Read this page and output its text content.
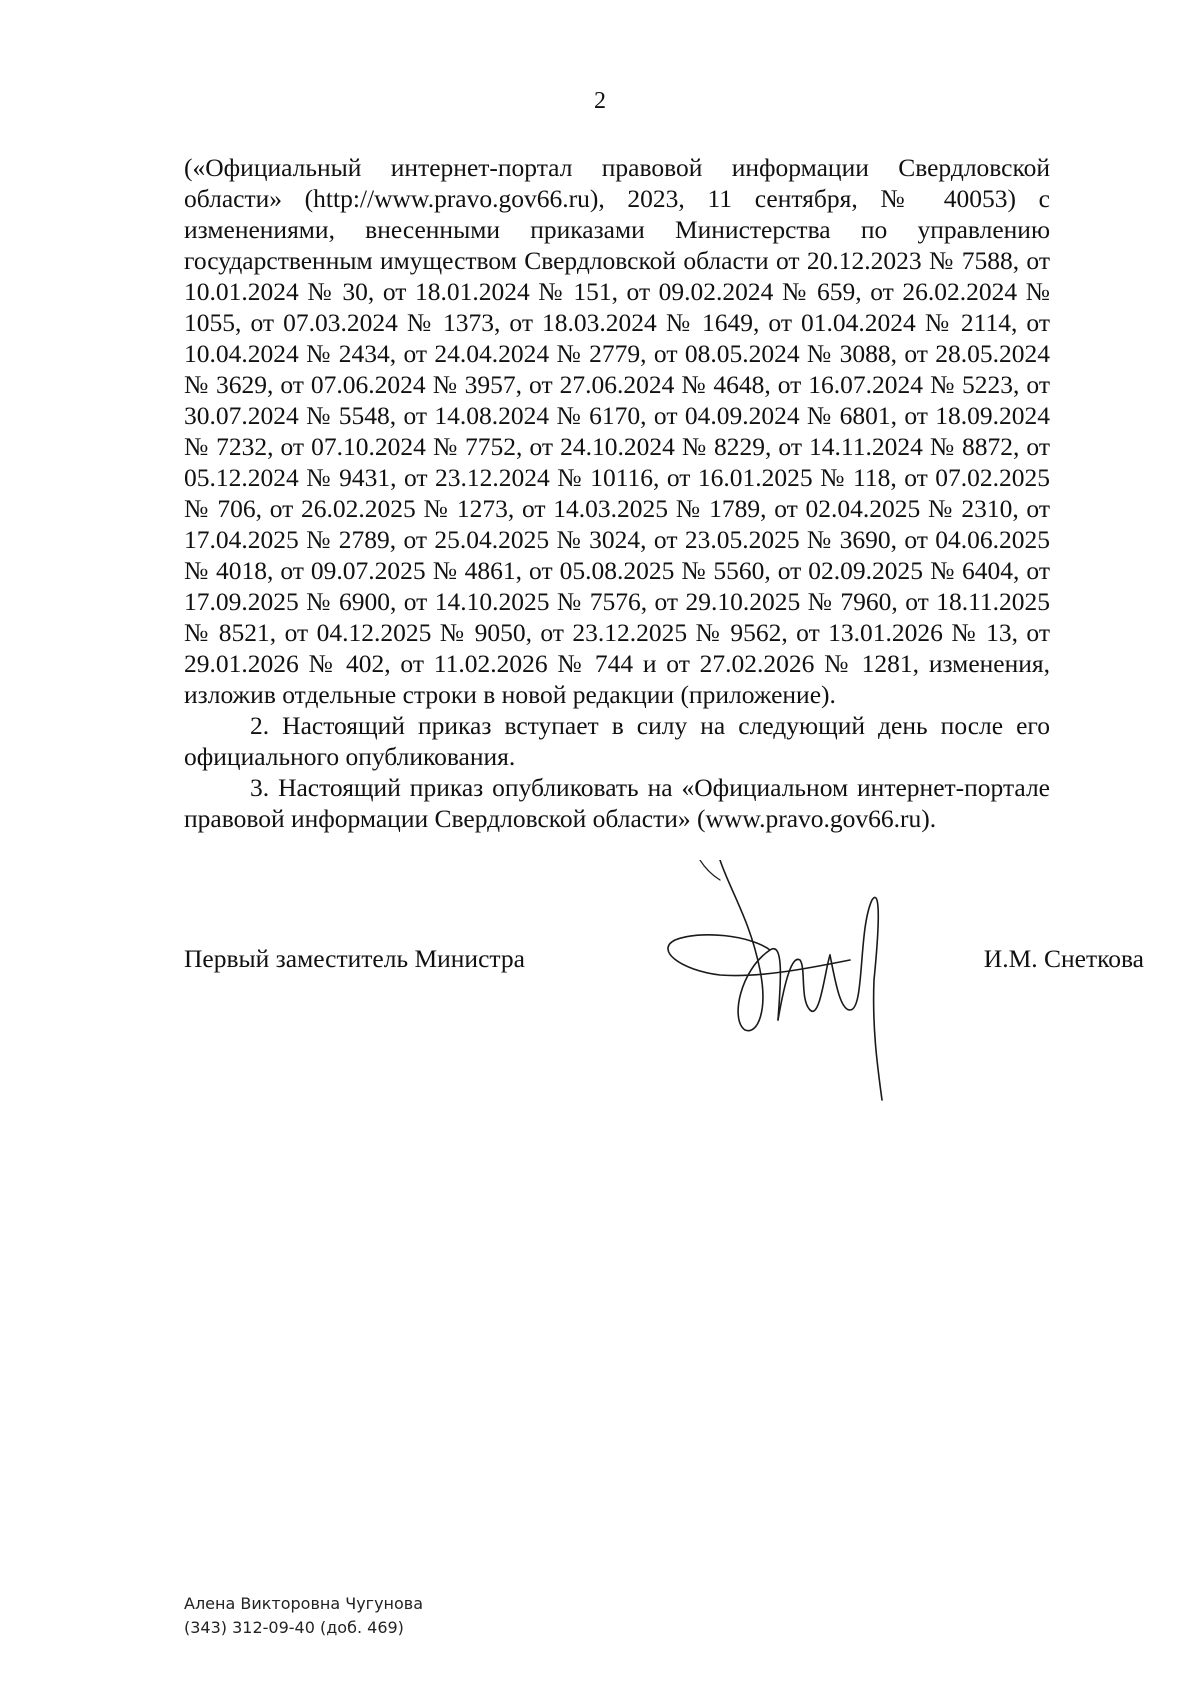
2

(«Официальный интернет-портал правовой информации Свердловской области» (http://www.pravo.gov66.ru), 2023, 11 сентября, № 40053) с изменениями, внесенными приказами Министерства по управлению государственным имуществом Свердловской области от 20.12.2023 № 7588, от 10.01.2024 № 30, от 18.01.2024 № 151, от 09.02.2024 № 659, от 26.02.2024 № 1055, от 07.03.2024 № 1373, от 18.03.2024 № 1649, от 01.04.2024 № 2114, от 10.04.2024 № 2434, от 24.04.2024 № 2779, от 08.05.2024 № 3088, от 28.05.2024 № 3629, от 07.06.2024 № 3957, от 27.06.2024 № 4648, от 16.07.2024 № 5223, от 30.07.2024 № 5548, от 14.08.2024 № 6170, от 04.09.2024 № 6801, от 18.09.2024 № 7232, от 07.10.2024 № 7752, от 24.10.2024 № 8229, от 14.11.2024 № 8872, от 05.12.2024 № 9431, от 23.12.2024 № 10116, от 16.01.2025 № 118, от 07.02.2025 № 706, от 26.02.2025 № 1273, от 14.03.2025 № 1789, от 02.04.2025 № 2310, от 17.04.2025 № 2789, от 25.04.2025 № 3024, от 23.05.2025 № 3690, от 04.06.2025 № 4018, от 09.07.2025 № 4861, от 05.08.2025 № 5560, от 02.09.2025 № 6404, от 17.09.2025 № 6900, от 14.10.2025 № 7576, от 29.10.2025 № 7960, от 18.11.2025 № 8521, от 04.12.2025 № 9050, от 23.12.2025 № 9562, от 13.01.2026 № 13, от 29.01.2026 № 402, от 11.02.2026 № 744 и от 27.02.2026 № 1281, изменения, изложив отдельные строки в новой редакции (приложение).

2. Настоящий приказ вступает в силу на следующий день после его официального опубликования.

3. Настоящий приказ опубликовать на «Официальном интернет-портале правовой информации Свердловской области» (www.pravo.gov66.ru).

Первый заместитель Министра	И.М. Снеткова
Алена Викторовна Чугунова
(343) 312-09-40 (доб. 469)
